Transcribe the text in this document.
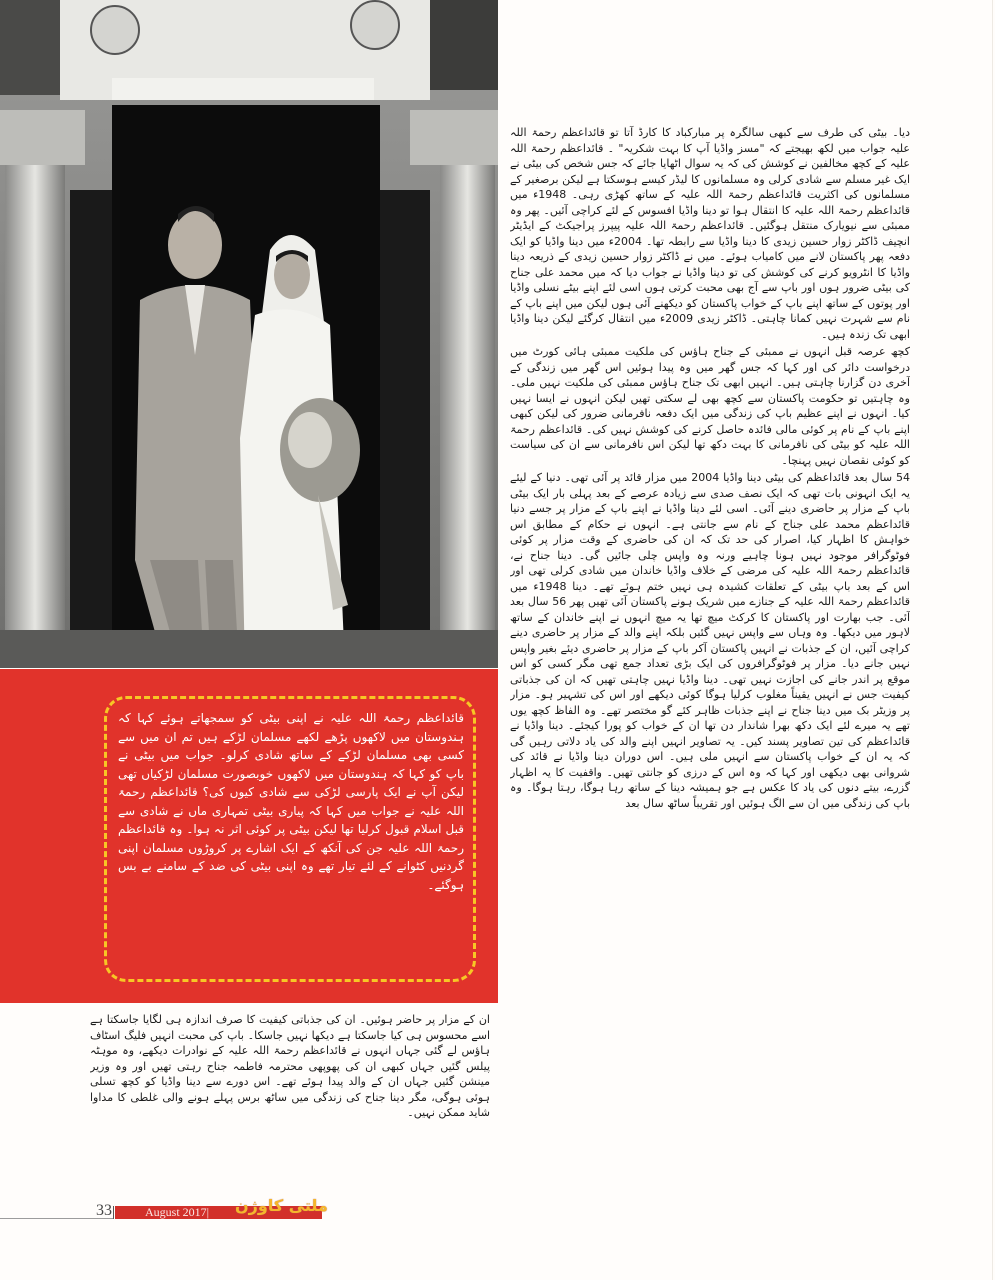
قائداعظم رحمۃ اللہ علیہ نے اپنی بیٹی کو سمجھاتے ہوئے کہا کہ ہندوستان میں لاکھوں پڑھے لکھے مسلمان لڑکے ہیں تم ان میں سے کسی بھی مسلمان لڑکے کے ساتھ شادی کرلو۔ جواب میں بیٹی نے باپ کو کہا کہ ہندوستان میں لاکھوں خوبصورت مسلمان لڑکیاں تھی لیکن آپ نے ایک پارسی لڑکی سے شادی کیوں کی؟ قائداعظم رحمۃ اللہ علیہ نے جواب میں کہا کہ پیاری بیٹی تمہاری ماں نے شادی سے قبل اسلام قبول کرلیا تھا لیکن بیٹی پر کوئی اثر نہ ہوا۔ وہ قائداعظم رحمۃ اللہ علیہ جن کی آنکھ کے ایک اشارے پر کروڑوں مسلمان اپنی گردنیں کٹوانے کے لئے تیار تھے وہ اپنی بیٹی کی ضد کے سامنے بے بس ہوگئے۔

دیا۔ بیٹی کی طرف سے کبھی سالگرہ پر مبارکباد کا کارڈ آتا تو قائداعظم رحمۃ اللہ علیہ جواب میں لکھ بھیجتے کہ "مسز واڈیا آپ کا بہت شکریہ" ۔ قائداعظم رحمۃ اللہ علیہ کے کچھ مخالفین نے کوشش کی کہ یہ سوال اٹھایا جائے کہ جس شخص کی بیٹی نے ایک غیر مسلم سے شادی کرلی وہ مسلمانوں کا لیڈر کیسے ہوسکتا ہے لیکن برصغیر کے مسلمانوں کی اکثریت قائداعظم رحمۃ اللہ علیہ کے ساتھ کھڑی رہی۔ 1948ء میں قائداعظم رحمۃ اللہ علیہ کا انتقال ہوا تو دینا واڈیا افسوس کے لئے کراچی آئیں۔ پھر وہ ممبئی سے نیویارک منتقل ہوگئیں۔ قائداعظم رحمۃ اللہ علیہ پیپرز پراجیکٹ کے ایڈیٹر انچیف ڈاکٹر زوار حسین زیدی کا دینا واڈیا سے رابطہ تھا۔ 2004ء میں دینا واڈیا کو ایک دفعہ پھر پاکستان لانے میں کامیاب ہوئے۔ میں نے ڈاکٹر زوار حسین زیدی کے ذریعہ دینا واڈیا کا انٹرویو کرنے کی کوشش کی تو دینا واڈیا نے جواب دیا کہ میں محمد علی جناح کی بیٹی ضرور ہوں اور باپ سے آج بھی محبت کرتی ہوں اسی لئے اپنے بیٹے نسلی واڈیا اور پوتوں کے ساتھ اپنے باپ کے خواب پاکستان کو دیکھنے آئی ہوں لیکن میں اپنے باپ کے نام سے شہرت نہیں کمانا چاہتی۔ ڈاکٹر زیدی 2009ء میں انتقال کرگئے لیکن دینا واڈیا ابھی تک زندہ ہیں۔

کچھ عرصہ قبل انہوں نے ممبئی کے جناح ہاؤس کی ملکیت ممبئی ہائی کورٹ میں درخواست دائر کی اور کہا کہ جس گھر میں وہ پیدا ہوئیں اس گھر میں زندگی کے آخری دن گزارنا چاہتی ہیں۔ انہیں ابھی تک جناح ہاؤس ممبئی کی ملکیت نہیں ملی۔ وہ چاہتیں تو حکومت پاکستان سے کچھ بھی لے سکتی تھیں لیکن انہوں نے ایسا نہیں کیا۔ انہوں نے اپنے عظیم باپ کی زندگی میں ایک دفعہ نافرمانی ضرور کی لیکن کبھی اپنے باپ کے نام پر کوئی مالی فائدہ حاصل کرنے کی کوشش نہیں کی۔ قائداعظم رحمۃ اللہ علیہ کو بیٹی کی نافرمانی کا بہت دکھ تھا لیکن اس نافرمانی سے ان کی سیاست کو کوئی نقصان نہیں پہنچا۔

54 سال بعد قائداعظم کی بیٹی دینا واڈیا 2004 میں مزار قائد پر آئی تھی۔ دنیا کے لیئے یہ ایک انہونی بات تھی کہ ایک نصف صدی سے زیادہ عرصے کے بعد پہلی بار ایک بیٹی باپ کے مزار پر حاضری دینے آئی۔ اسی لئے دینا واڈیا نے اپنے باپ کے مزار پر جسے دنیا قائداعظم محمد علی جناح کے نام سے جانتی ہے۔ انہوں نے حکام کے مطابق اس خواہش کا اظہار کیا، اصرار کی حد تک کہ ان کی حاضری کے وقت مزار پر کوئی فوٹوگرافر موجود نہیں ہونا چاہیے ورنہ وہ واپس چلی جائیں گی۔ دینا جناح نے، قائداعظم رحمۃ اللہ علیہ کی مرضی کے خلاف واڈیا خاندان میں شادی کرلی تھی اور اس کے بعد باپ بیٹی کے تعلقات کشیدہ ہی نہیں ختم ہوئے تھے۔ دینا 1948ء میں قائداعظم رحمۃ اللہ علیہ کے جنازے میں شریک ہونے پاکستان آئی تھیں پھر 56 سال بعد آئی۔ جب بھارت اور پاکستان کا کرکٹ میچ تھا یہ میچ انہوں نے اپنے خاندان کے ساتھ لاہور میں دیکھا۔ وہ وہاں سے واپس نہیں گئیں بلکہ اپنے والد کے مزار پر حاضری دینے کراچی آئیں، ان کے جذبات نے انہیں پاکستان آکر باپ کے مزار پر حاضری دیئے بغیر واپس نہیں جانے دیا۔ مزار پر فوٹوگرافروں کی ایک بڑی تعداد جمع تھی مگر کسی کو اس موقع پر اندر جانے کی اجازت نہیں تھی۔ دینا واڈیا نہیں چاہتی تھیں کہ ان کی جذباتی کیفیت جس نے انہیں یقیناً مغلوب کرلیا ہوگا کوئی دیکھے اور اس کی تشہیر ہو۔ مزار پر وزیٹر بک میں دینا جناح نے اپنے جذبات ظاہر کئے گو مختصر تھے۔ وہ الفاظ کچھ یوں تھے یہ میرے لئے ایک دکھ بھرا شاندار دن تھا ان کے خواب کو پورا کیجئے۔ دینا واڈیا نے قائداعظم کی تین تصاویر پسند کیں۔ یہ تصاویر انہیں اپنے والد کی یاد دلاتی رہیں گی کہ یہ ان کے خواب پاکستان سے انہیں ملی ہیں۔ اس دوران دینا واڈیا نے قائد کی شروانی بھی دیکھی اور کہا کہ وہ اس کے درزی کو جانتی تھیں۔ واقفیت کا یہ اظہار گزرے، بیتے دنوں کی یاد کا عکس ہے جو ہمیشہ دینا کے ساتھ رہا ہوگا، رہتا ہوگا۔ وہ باپ کی زندگی میں ان سے الگ ہوئیں اور تقریباً ساٹھ سال بعد

ان کے مزار پر حاضر ہوئیں۔ ان کی جذباتی کیفیت کا صرف اندازہ ہی لگایا جاسکتا ہے اسے محسوس ہی کیا جاسکتا ہے دیکھا نہیں جاسکا۔ باپ کی محبت انہیں فلیگ اسٹاف ہاؤس لے گئی جہاں انہوں نے قائداعظم رحمۃ اللہ علیہ کے نوادرات دیکھے، وہ موہٹہ پیلس گئیں جہاں کبھی ان کی پھوپھی محترمہ فاطمہ جناح رہتی تھیں اور وہ وزیر مینشن گئیں جہاں ان کے والد پیدا ہوئے تھے۔ اس دورے سے دینا واڈیا کو کچھ تسلی ہوئی ہوگی، مگر دینا جناح کی زندگی میں ساٹھ برس پہلے ہونے والی غلطی کا مداوا شاید ممکن نہیں۔

33	August 2017| ملتی کاوژن
